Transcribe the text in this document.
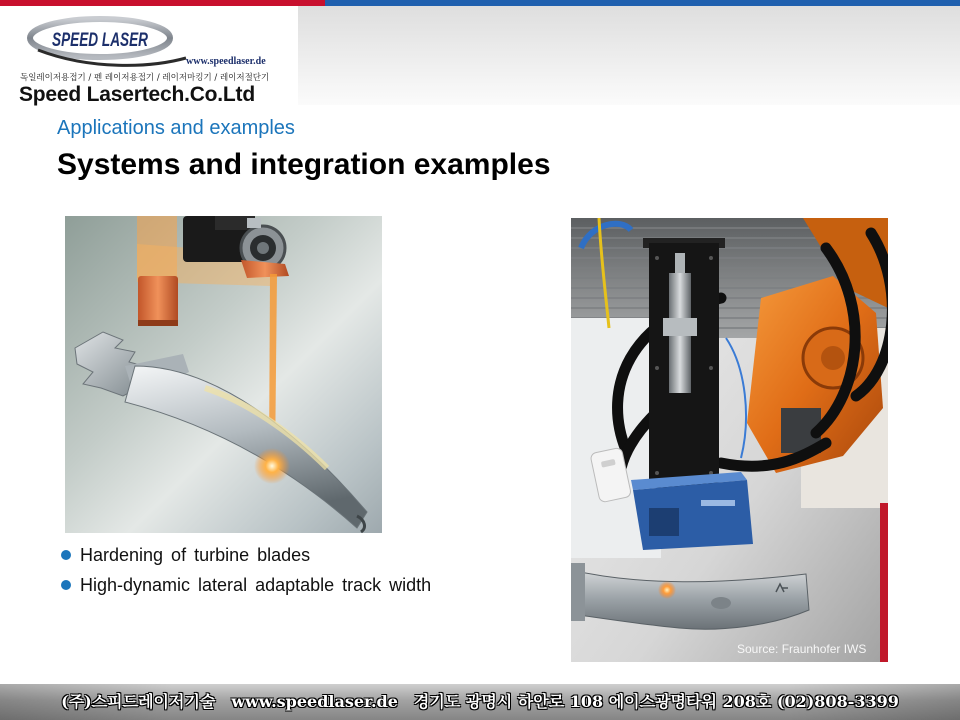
SPEED LASER
www.speedlaser.de
독일레이저용접기 / 펜 레이저용접기 / 레이저마킹기 / 레이저절단기
Speed Lasertech.Co.Ltd
Applications and examples
Systems and integration examples
Hardening of turbine blades
High-dynamic lateral adaptable track width
Source: Fraunhofer IWS
(주)스피드레이저기술 www.speedlaser.de 경기도 광명시 하안로 108 에이스광명타워 208호 (02)808-3399
